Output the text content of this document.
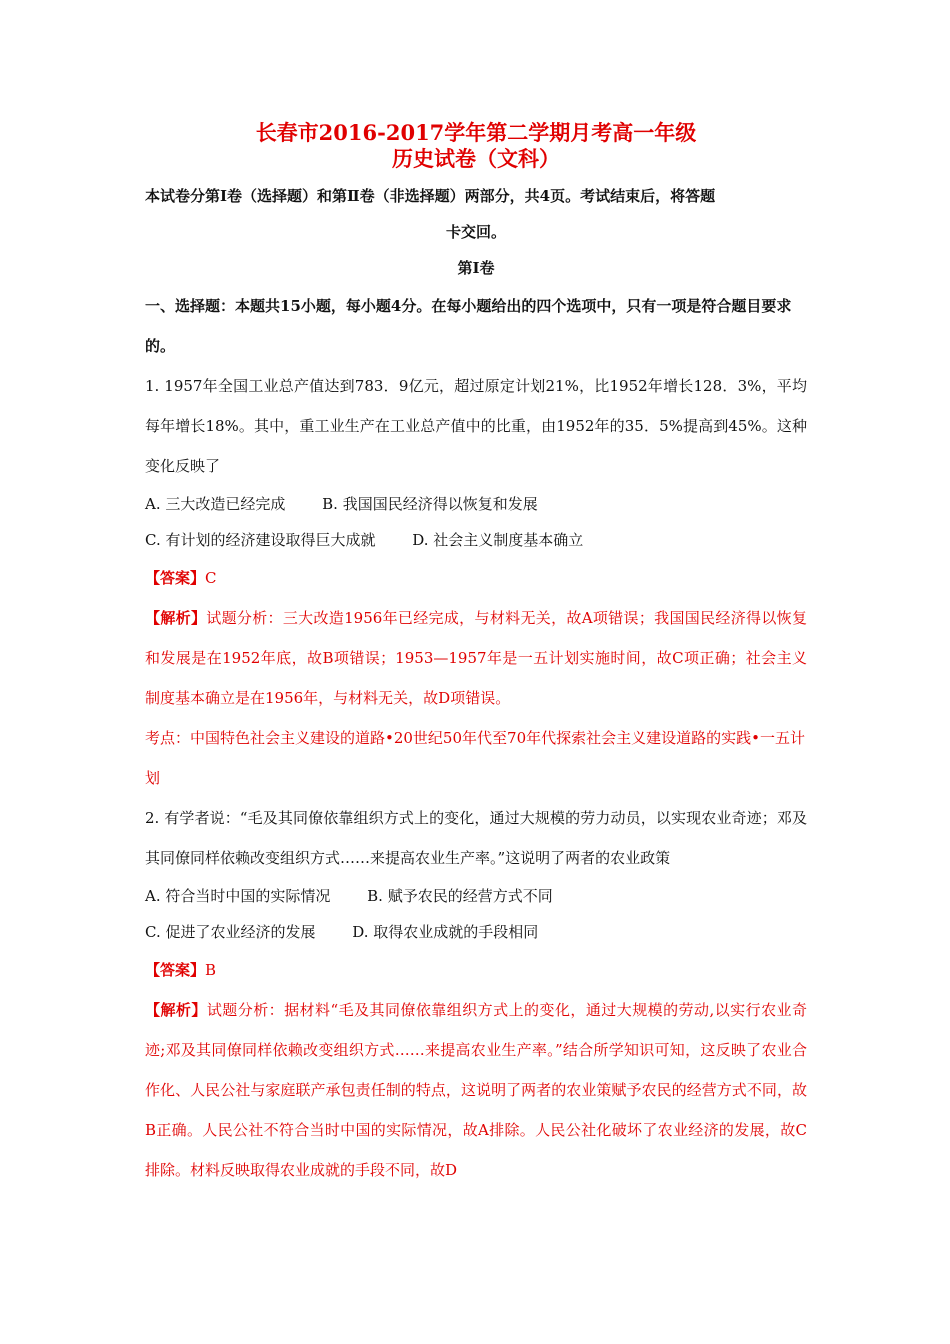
长春市2016-2017学年第二学期月考高一年级
历史试卷（文科）
本试卷分第Ⅰ卷（选择题）和第Ⅱ卷（非选择题）两部分，共4页。考试结束后，将答题
卡交回。
第Ⅰ卷
一、选择题：本题共15小题，每小题4分。在每小题给出的四个选项中，只有一项是符合题目要求的。
1. 1957年全国工业总产值达到783．9亿元，超过原定计划21%，比1952年增长128．3%，平均每年增长18%。其中，重工业生产在工业总产值中的比重，由1952年的35．5%提高到45%。这种变化反映了
A. 三大改造已经完成 B. 我国国民经济得以恢复和发展
C. 有计划的经济建设取得巨大成就 D. 社会主义制度基本确立
【答案】C
【解析】试题分析：三大改造1956年已经完成，与材料无关，故A项错误；我国国民经济得以恢复和发展是在1952年底，故B项错误；1953—1957年是一五计划实施时间，故C项正确；社会主义制度基本确立是在1956年，与材料无关，故D项错误。
考点：中国特色社会主义建设的道路•20世纪50年代至70年代探索社会主义建设道路的实践•一五计划
2. 有学者说：“毛及其同僚依靠组织方式上的变化，通过大规模的劳力动员，以实现农业奇迹；邓及其同僚同样依赖改变组织方式……来提高农业生产率。”这说明了两者的农业政策
A. 符合当时中国的实际情况 B. 赋予农民的经营方式不同
C. 促进了农业经济的发展 D. 取得农业成就的手段相同
【答案】B
【解析】试题分析：据材料“毛及其同僚依靠组织方式上的变化，通过大规模的劳动,以实行农业奇迹;邓及其同僚同样依赖改变组织方式……来提高农业生产率。”结合所学知识可知，这反映了农业合作化、人民公社与家庭联产承包责任制的特点，这说明了两者的农业策赋予农民的经营方式不同，故B正确。人民公社不符合当时中国的实际情况，故A排除。人民公社化破坏了农业经济的发展，故C排除。材料反映取得农业成就的手段不同，故D
